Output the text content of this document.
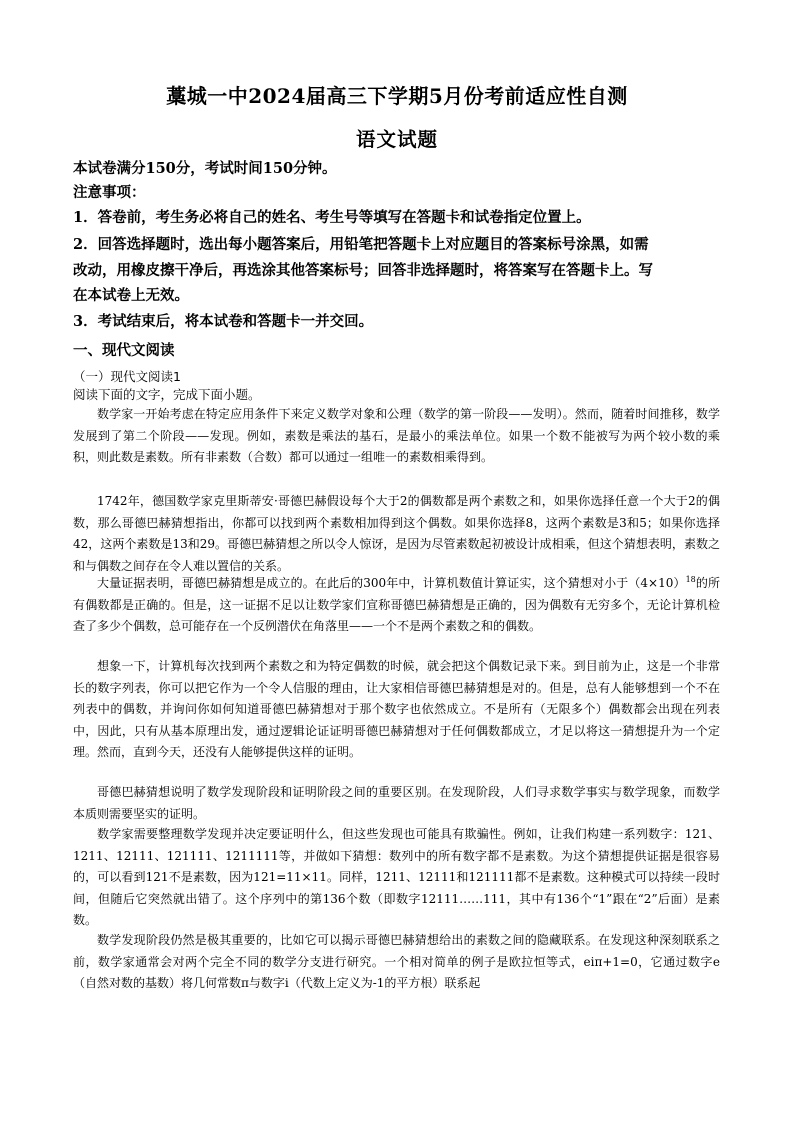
藁城一中2024届高三下学期5月份考前适应性自测
语文试题
本试卷满分150分，考试时间150分钟。
注意事项：
1．答卷前，考生务必将自己的姓名、考生号等填写在答题卡和试卷指定位置上。
2．回答选择题时，选出每小题答案后，用铅笔把答题卡上对应题目的答案标号涂黑，如需
改动，用橡皮擦干净后，再选涂其他答案标号；回答非选择题时，将答案写在答题卡上。写
在本试卷上无效。
3．考试结束后，将本试卷和答题卡一并交回。
一、现代文阅读
（一）现代文阅读1
阅读下面的文字，完成下面小题。

数学家一开始考虑在特定应用条件下来定义数学对象和公理（数学的第一阶段——发明）。然而，随着时间推移，数学发展到了第二个阶段——发现。例如，素数是乘法的基石，是最小的乘法单位。如果一个数不能被写为两个较小数的乘积，则此数是素数。所有非素数（合数）都可以通过一组唯一的素数相乘得到。

1742年，德国数学家克里斯蒂安·哥德巴赫假设每个大于2的偶数都是两个素数之和，如果你选择任意一个大于2的偶数，那么哥德巴赫猜想指出，你都可以找到两个素数相加得到这个偶数。如果你选择8，这两个素数是3和5；如果你选择42，这两个素数是13和29。哥德巴赫猜想之所以令人惊讶，是因为尽管素数起初被设计成相乘，但这个猜想表明，素数之和与偶数之间存在令人难以置信的关系。

大量证据表明，哥德巴赫猜想是成立的。在此后的300年中，计算机数值计算证实，这个猜想对小于$(4\times 10)^{18}$的所有偶数都是正确的。但是，这一证据不足以让数学家们宣称哥德巴赫猜想是正确的，因为偶数有无穷多个，无论计算机检查了多少个偶数，总可能存在一个反例潜伏在角落里——一个不是两个素数之和的偶数。

想象一下，计算机每次找到两个素数之和为特定偶数的时候，就会把这个偶数记录下来。到目前为止，这是一个非常长的数字列表，你可以把它作为一个令人信服的理由，让大家相信哥德巴赫猜想是对的。但是，总有人能够想到一个不在列表中的偶数，并询问你如何知道哥德巴赫猜想对于那个数字也依然成立。不是所有（无限多个）偶数都会出现在列表中，因此，只有从基本原理出发，通过逻辑论证证明哥德巴赫猜想对于任何偶数都成立，才足以将这一猜想提升为一个定理。然而，直到今天，还没有人能够提供这样的证明。

哥德巴赫猜想说明了数学发现阶段和证明阶段之间的重要区别。在发现阶段，人们寻求数学事实与数学现象，而数学本质则需要坚实的证明。

数学家需要整理数学发现并决定要证明什么，但这些发现也可能具有欺骗性。例如，让我们构建一系列数字：121、1211、12111、121111、1211111等，并做如下猜想：数列中的所有数字都不是素数。为这个猜想提供证据是很容易的，可以看到121不是素数，因为121=11×11。同样，1211、12111和121111都不是素数。这种模式可以持续一段时间，但随后它突然就出错了。这个序列中的第136个数（即数字12111……111，其中有136个“1”跟在“2”后面）是素数。

数学发现阶段仍然是极其重要的，比如它可以揭示哥德巴赫猜想给出的素数之间的隐藏联系。在发现这种深刻联系之前，数学家通常会对两个完全不同的数学分支进行研究。一个相对简单的例子是欧拉恒等式，eiπ+1=0，它通过数字e（自然对数的基数）将几何常数π与数字i（代数上定义为-1的平方根）联系起
